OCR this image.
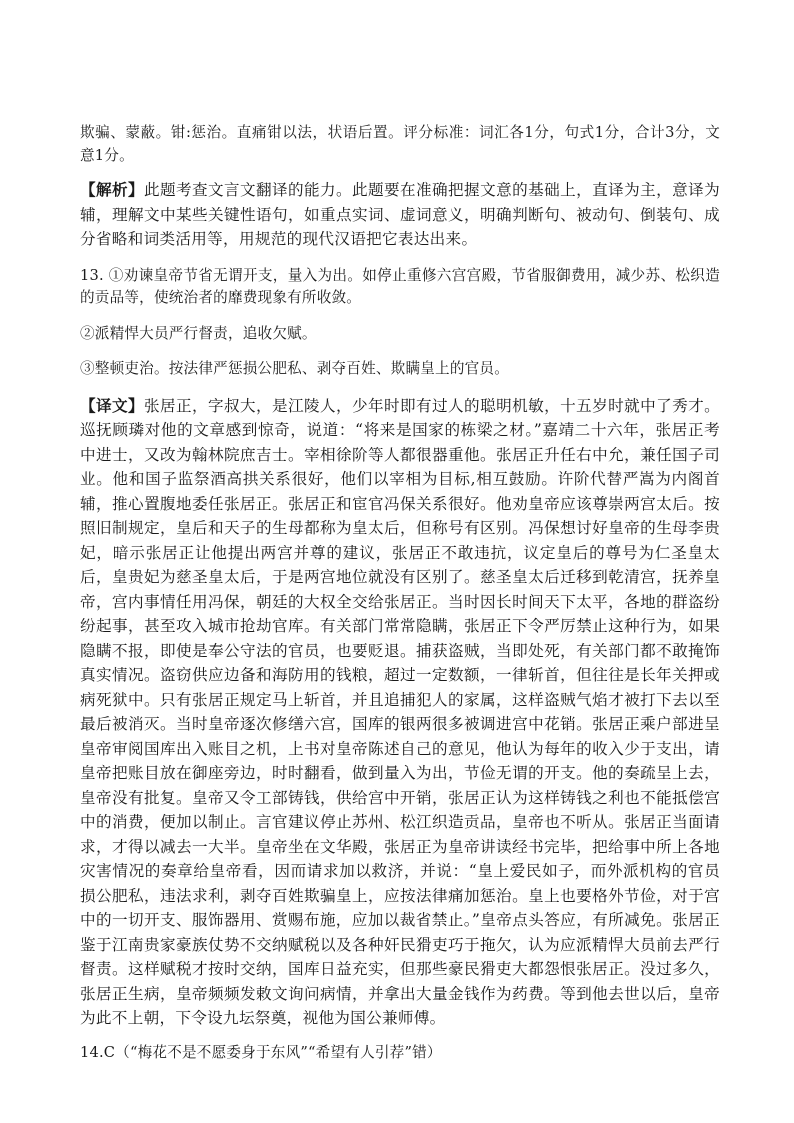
欺骗、蒙蔽。钳:惩治。直痛钳以法，状语后置。评分标准：词汇各1分，句式1分，合计3分，文意1分。

【解析】此题考查文言文翻译的能力。此题要在准确把握文意的基础上，直译为主，意译为辅，理解文中某些关键性语句，如重点实词、虚词意义，明确判断句、被动句、倒装句、成分省略和词类活用等，用规范的现代汉语把它表达出来。

13. ①劝谏皇帝节省无谓开支，量入为出。如停止重修六宫宫殿，节省服御费用，减少苏、松织造的贡品等，使统治者的靡费现象有所收敛。

②派精悍大员严行督责，追收欠赋。

③整顿吏治。按法律严惩损公肥私、剥夺百姓、欺瞒皇上的官员。

【译文】张居正，字叔大，是江陵人，少年时即有过人的聪明机敏，十五岁时就中了秀才。巡抚顾璘对他的文章感到惊奇，说道：“将来是国家的栋梁之材。”嘉靖二十六年，张居正考中进士，又改为翰林院庶吉士。宰相徐阶等人都很器重他。张居正升任右中允，兼任国子司业。他和国子监祭酒高拱关系很好，他们以宰相为目标,相互鼓励。许阶代替严嵩为内阁首辅，推心置腹地委任张居正。张居正和宦官冯保关系很好。他劝皇帝应该尊崇两宫太后。按照旧制规定，皇后和天子的生母都称为皇太后，但称号有区别。冯保想讨好皇帝的生母李贵妃，暗示张居正让他提出两宫并尊的建议，张居正不敢违抗，议定皇后的尊号为仁圣皇太后，皇贵妃为慈圣皇太后，于是两宫地位就没有区别了。慈圣皇太后迁移到乾清宫，抚养皇帝，宫内事情任用冯保，朝廷的大权全交给张居正。当时因长时间天下太平，各地的群盗纷纷起事，甚至攻入城市抢劫官库。有关部门常常隐瞒，张居正下令严厉禁止这种行为，如果隐瞒不报，即使是奉公守法的官员，也要贬退。捕获盗贼，当即处死，有关部门都不敢掩饰真实情况。盗窃供应边备和海防用的钱粮，超过一定数额，一律斩首，但往往是长年关押或病死狱中。只有张居正规定马上斩首，并且追捕犯人的家属，这样盗贼气焰才被打下去以至最后被消灭。当时皇帝逐次修缮六宫，国库的银两很多被调进宫中花销。张居正乘户部进呈皇帝审阅国库出入账目之机，上书对皇帝陈述自己的意见，他认为每年的收入少于支出，请皇帝把账目放在御座旁边，时时翻看，做到量入为出，节俭无谓的开支。他的奏疏呈上去，皇帝没有批复。皇帝又令工部铸钱，供给宫中开销，张居正认为这样铸钱之利也不能抵偿宫中的消费，便加以制止。言官建议停止苏州、松江织造贡品，皇帝也不听从。张居正当面请求，才得以减去一大半。皇帝坐在文华殿，张居正为皇帝讲读经书完毕，把给事中所上各地灾害情况的奏章给皇帝看，因而请求加以救济，并说：“皇上爱民如子，而外派机构的官员损公肥私，违法求利，剥夺百姓欺骗皇上，应按法律痛加惩治。皇上也要格外节俭，对于宫中的一切开支、服饰器用、赏赐布施，应加以裁省禁止。”皇帝点头答应，有所减免。张居正鉴于江南贵家豪族仗势不交纳赋税以及各种奸民猾吏巧于拖欠，认为应派精悍大员前去严行督责。这样赋税才按时交纳，国库日益充实，但那些豪民猾吏大都怨恨张居正。没过多久，张居正生病，皇帝频频发敕文询问病情，并拿出大量金钱作为药费。等到他去世以后，皇帝为此不上朝，下令设九坛祭奠，视他为国公兼师傅。

14.C（“梅花不是不愿委身于东风”“希望有人引荐”错）
